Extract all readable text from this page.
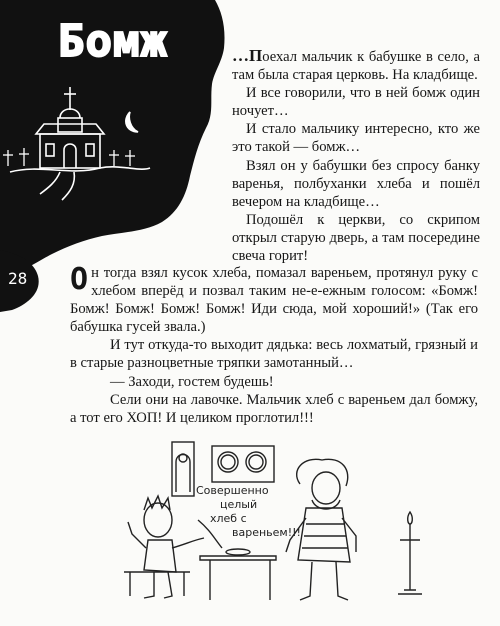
Бомж	…Поехал мальчик к бабушке в село, а там была старая церковь. На кладбище.

И все говорили, что в ней бомж один ночует…

И стало мальчику интересно, кто же это такой — бомж…

Взял он у бабушки без спросу банку варенья, полбуханки хлеба и пошёл вечером на кладбище…

Подошёл к церкви, со скрипом открыл старую дверь, а там посередине свеча горит!

28 Он тогда взял кусок хлеба, помазал вареньем, протянул руку с хлебом вперёд и позвал таким не-е-ежным голосом: «Бомж! Бомж! Бомж! Бомж! Бомж! Иди сюда, мой хороший!» (Так его бабушка гусей звала.)

И тут откуда-то выходит дядька: весь лохматый, грязный и в старые разноцветные тряпки замотанный…

— Заходи, гостем будешь!

Сели они на лавочке. Мальчик хлеб с вареньем дал бомжу, а тот его ХОП! И целиком проглотил!!!

Совершенно
целый
хлеб с
вареньем!!!
